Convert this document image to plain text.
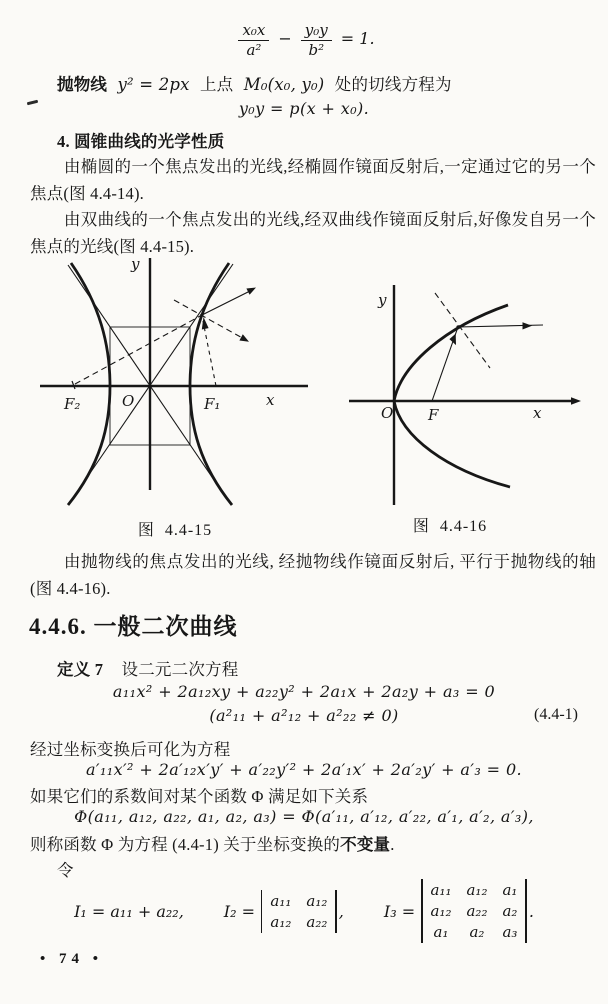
$\frac{\text{x₀x}}{\text{a²}} - \frac{\text{y₀y}}{\text{b²}} = 1$.
抛物线 y² = 2px 上点 M₀(x₀, y₀) 处的切线方程为
y₀y = p(x + x₀).
4. 圆锥曲线的光学性质
由椭圆的一个焦点发出的光线,经椭圆作镜面反射后,一定通过它的另一个焦点(图 4.4-14).
由双曲线的一个焦点发出的光线,经双曲线作镜面反射后,好像发自另一个焦点的光线(图 4.4-15).
y
x
O
F₂	F₁
图  4.4-15
y
x
O F
图  4.4-16
由抛物线的焦点发出的光线, 经抛物线作镜面反射后, 平行于抛物线的轴(图 4.4-16).
4.4.6. 一般二次曲线
定义 7 设二元二次方程
a₁₁x² + 2a₁₂xy + a₂₂y² + 2a₁x + 2a₂y + a₃ = 0
(a²₁₁ + a²₁₂ + a²₂₂ ≠ 0)	(4.4-1)
经过坐标变换后可化为方程
a′₁₁x′² + 2a′₁₂x′y′ + a′₂₂y′² + 2a′₁x′ + 2a′₂y′ + a′₃ = 0.
如果它们的系数间对某个函数 Φ 满足如下关系
Φ(a₁₁, a₁₂, a₂₂, a₁, a₂, a₃) = Φ(a′₁₁, a′₁₂, a′₂₂, a′₁, a′₂, a′₃),
则称函数 Φ 为方程 (4.4-1) 关于坐标变换的不变量.
令
I₁ = a₁₁ + a₂₂,	I₂ =
a₁₁ a₁₂
a₁₂ a₂₂
,	I₃ =
a₁₁ a₁₂ a₁
a₁₂ a₂₂ a₂
a₁ a₂ a₃
.
• 74 •
